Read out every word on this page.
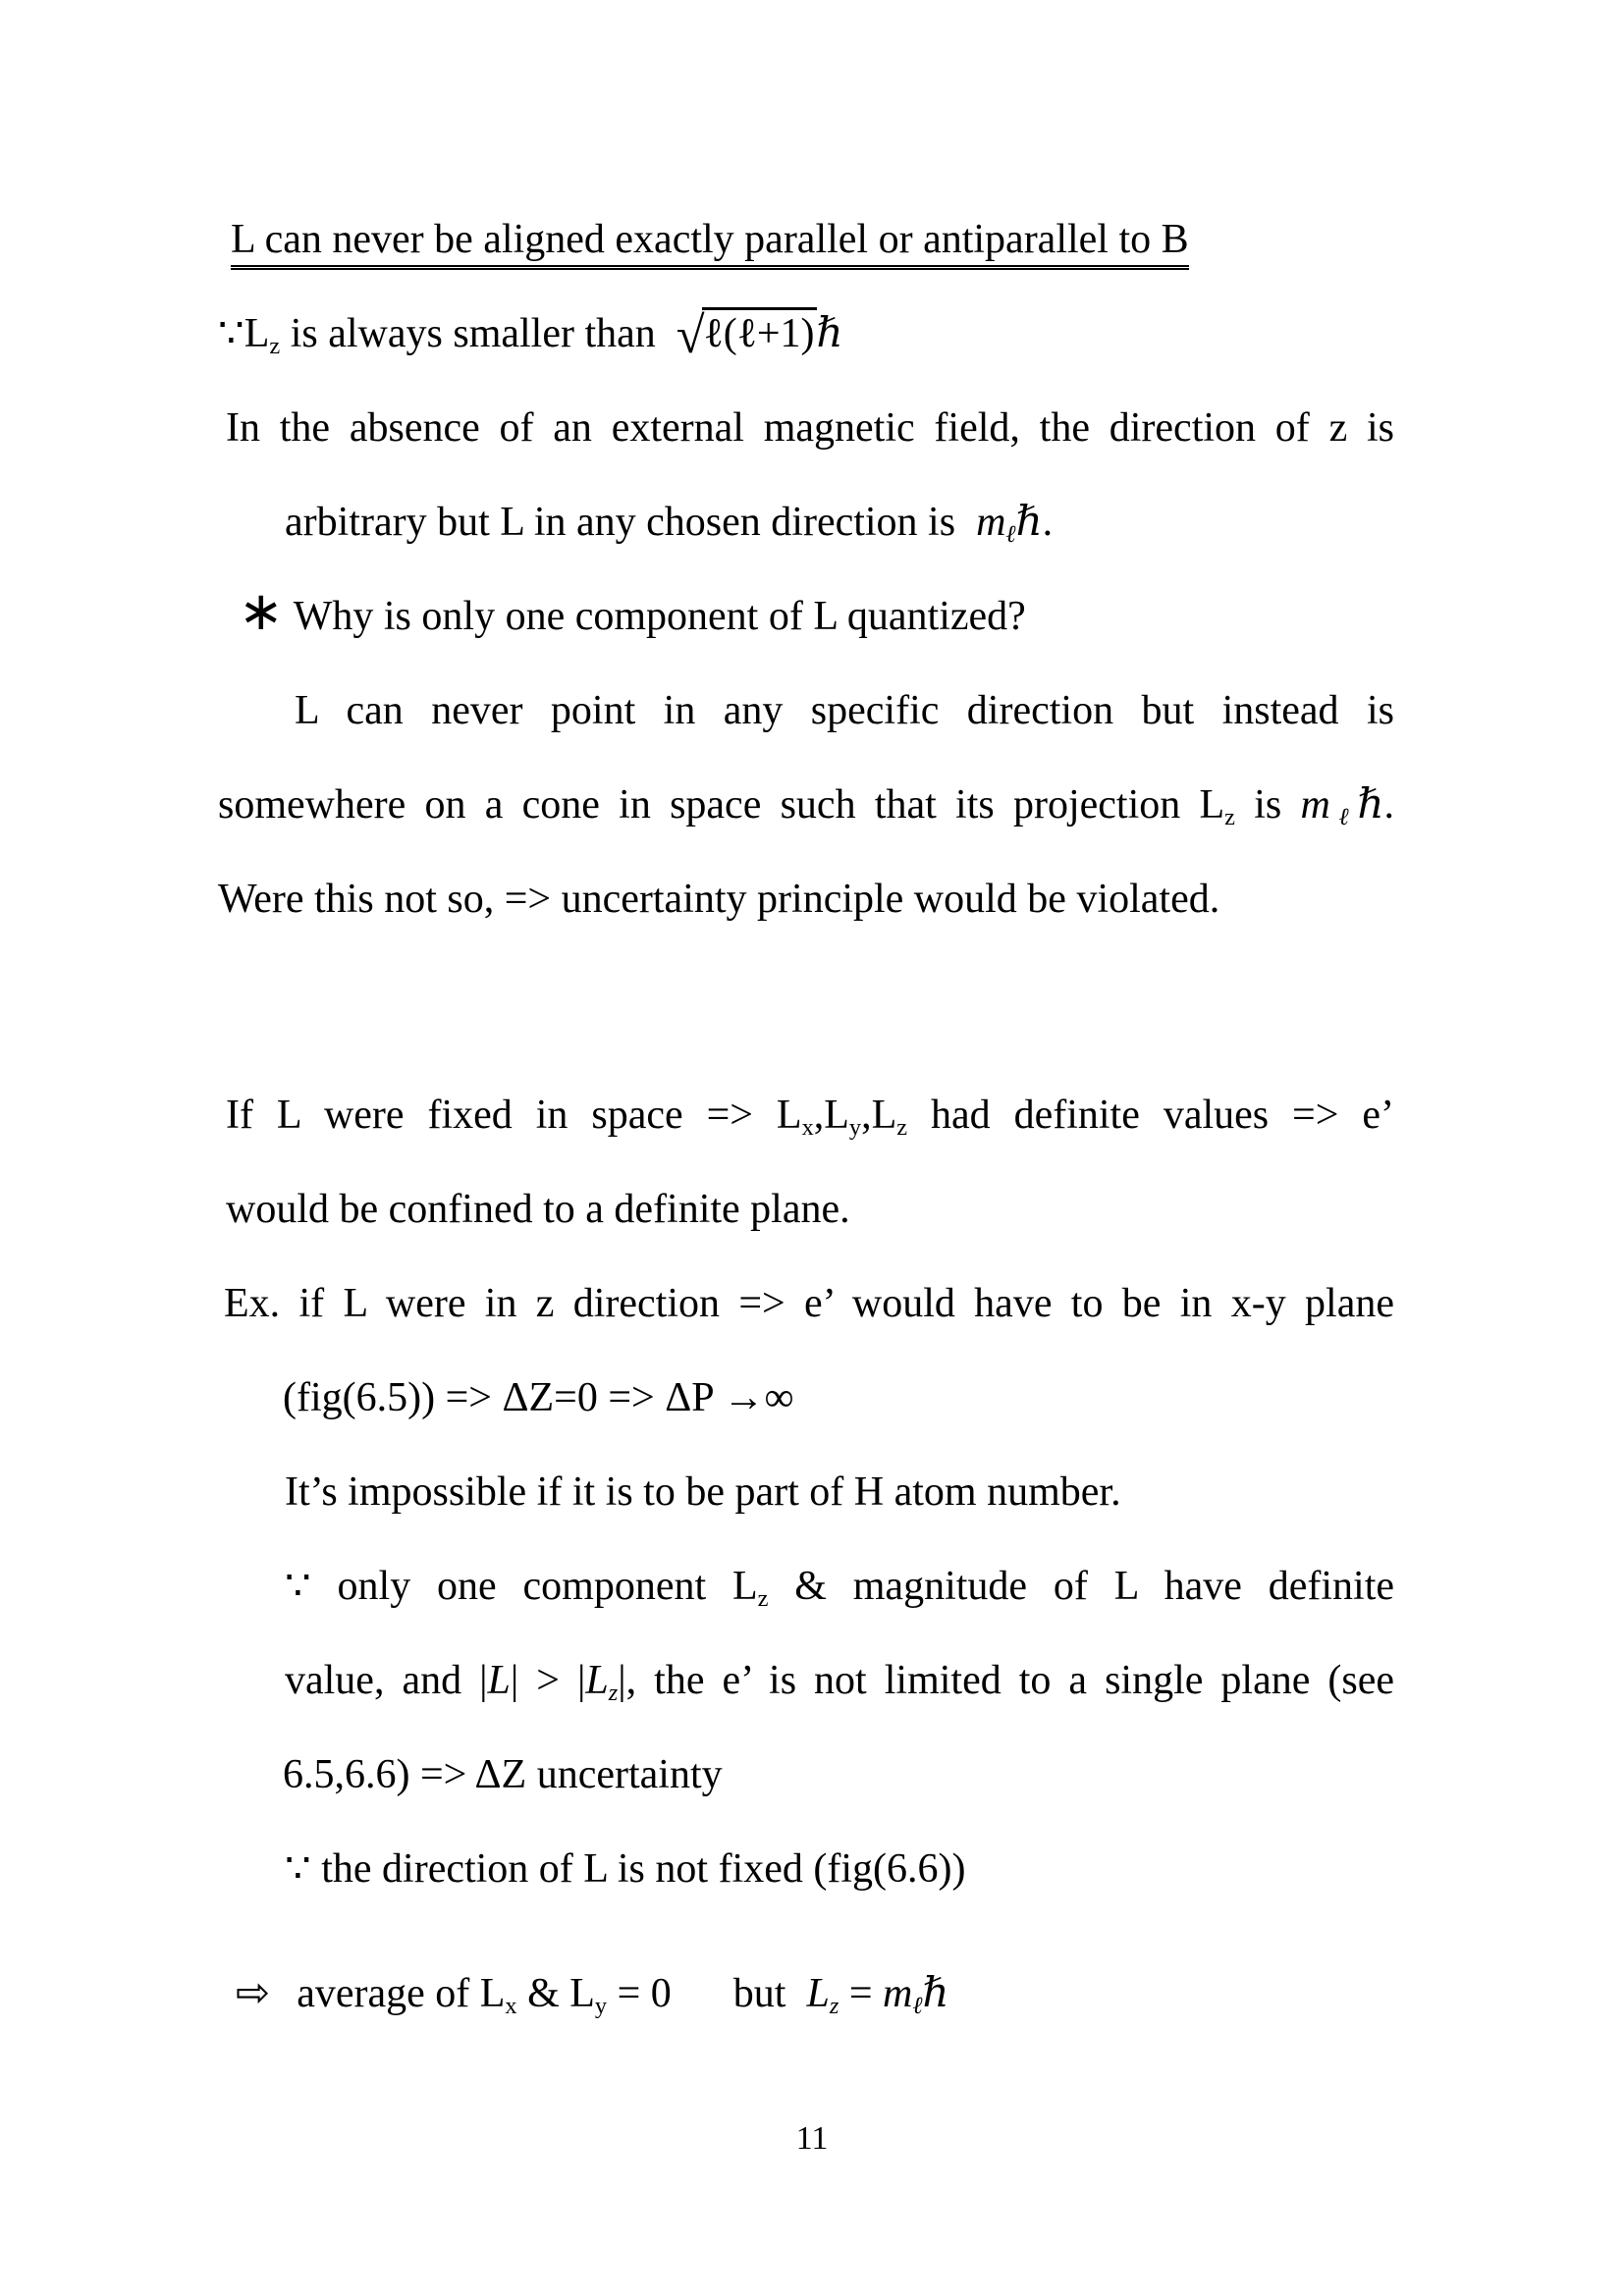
L can never be aligned exactly parallel or antiparallel to B
$\because L_z$ is always smaller than  √ℓ(ℓ+1)ℏ
In the absence of an external magnetic field, the direction of z is
arbitrary but L in any chosen direction is  $m_\ell\hbar$.
∗ Why is only one component of L quantized?
L can never point in any specific direction but instead is
somewhere on a cone in space such that its projection $L_z$ is $m_\ell\hbar$.
Were this not so, => uncertainty principle would be violated.
If L were fixed in space => $L_x,L_y,L_z$ had definite values => e’
would be confined to a definite plane.
Ex. if L were in z direction => e’ would have to be in x-y plane
(fig(6.5)) => ΔZ=0 => ΔP →∞
It’s impossible if it is to be part of H atom number.
∵ only one component $L_z$ & magnitude of L have definite
value, and $|L| > |L_z|$, the e’ is not limited to a single plane (see
6.5,6.6) => ΔZ uncertainty
∵ the direction of L is not fixed (fig(6.6))
⇨  average of $L_x$ & $L_y = 0$      but  $L_z$ = $m_\ell\hbar$
11
